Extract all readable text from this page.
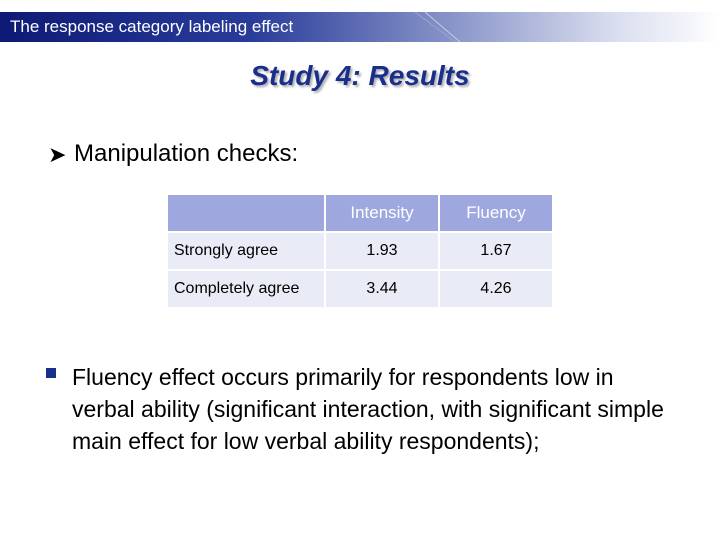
The response category labeling effect
Study 4: Results
➤ Manipulation checks:
	Intensity	Fluency
Strongly agree	1.93	1.67
Completely agree	3.44	4.26
Fluency effect occurs primarily for respondents low in verbal ability (significant interaction, with significant simple main effect for low verbal ability respondents);
